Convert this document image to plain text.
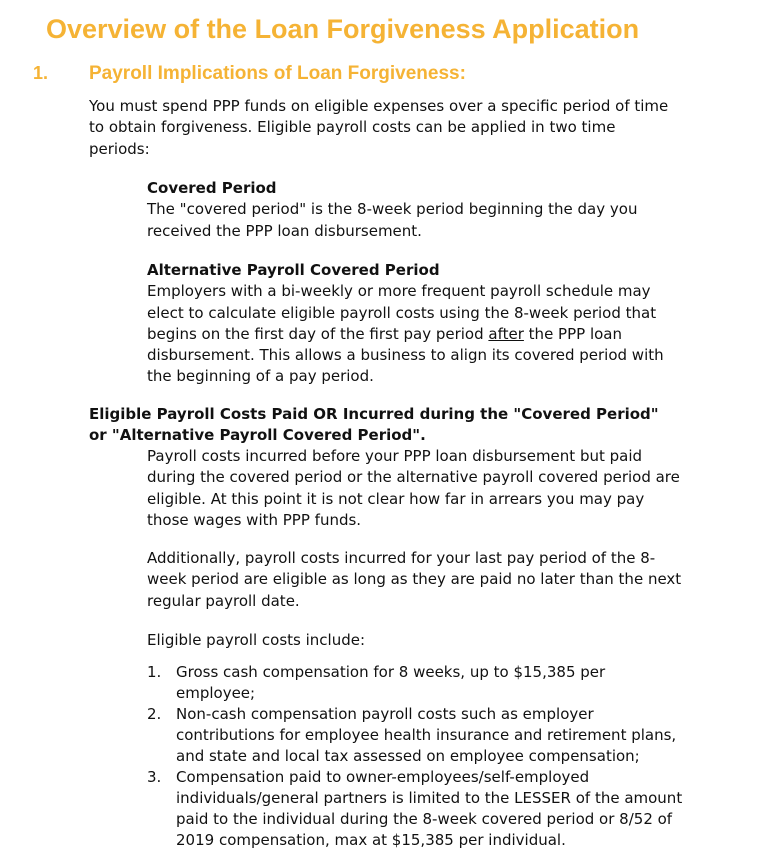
Overview of the Loan Forgiveness Application
1. Payroll Implications of Loan Forgiveness:
You must spend PPP funds on eligible expenses over a specific period of time
to obtain forgiveness. Eligible payroll costs can be applied in two time
periods:
Covered Period
The "covered period" is the 8-week period beginning the day you
received the PPP loan disbursement.
Alternative Payroll Covered Period
Employers with a bi-weekly or more frequent payroll schedule may
elect to calculate eligible payroll costs using the 8-week period that
begins on the first day of the first pay period after the PPP loan
disbursement. This allows a business to align its covered period with
the beginning of a pay period.
Eligible Payroll Costs Paid OR Incurred during the "Covered Period"
or "Alternative Payroll Covered Period".
Payroll costs incurred before your PPP loan disbursement but paid
during the covered period or the alternative payroll covered period are
eligible. At this point it is not clear how far in arrears you may pay
those wages with PPP funds.
Additionally, payroll costs incurred for your last pay period of the 8-
week period are eligible as long as they are paid no later than the next
regular payroll date.
Eligible payroll costs include:
1. Gross cash compensation for 8 weeks, up to $15,385 per
employee;
2. Non-cash compensation payroll costs such as employer
contributions for employee health insurance and retirement plans,
and state and local tax assessed on employee compensation;
3. Compensation paid to owner-employees/self-employed
individuals/general partners is limited to the LESSER of the amount
paid to the individual during the 8-week covered period or 8/52 of
2019 compensation, max at $15,385 per individual.
